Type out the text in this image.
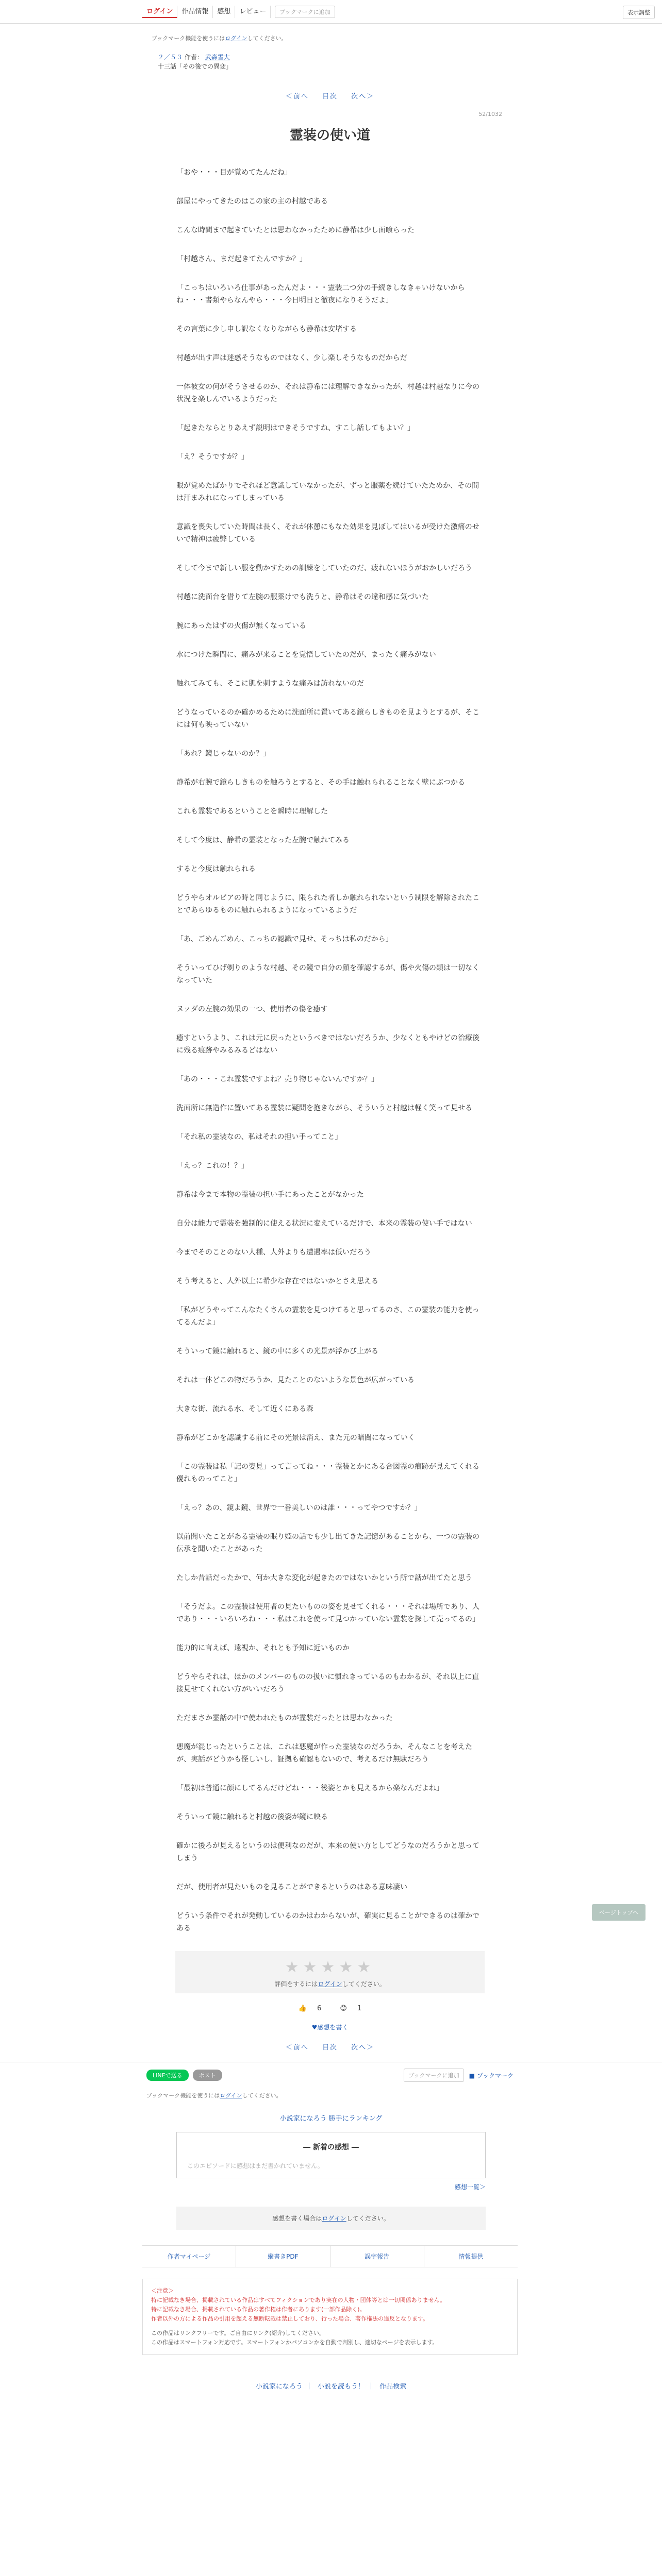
ログイン	作品情報	感想	レビュー	ブックマークに追加	表示調整
ブックマーク機能を使うにはログインしてください。
２／５３ 作者： 武森雪大
十三話「その後での異変」
＜前へ 目次 次へ＞
52/1032
霊装の使い道

「おや・・・目が覚めてたんだね」

部屋にやってきたのはこの家の主の村越である

こんな時間まで起きていたとは思わなかったために静希は少し面喰らった

「村越さん、まだ起きてたんですか？」

「こっちはいろいろ仕事があったんだよ・・・霊装二つ分の手続きしなきゃいけないからね・・・書類やらなんやら・・・今日明日と徹夜になりそうだよ」

その言葉に少し申し訳なくなりながらも静希は安堵する

村越が出す声は迷惑そうなものではなく、少し楽しそうなものだからだ

一体彼女の何がそうさせるのか、それは静希には理解できなかったが、村越は村越なりに今の状況を楽しんでいるようだった

「起きたならとりあえず説明はできそうですね、すこし話してもよい？」

「え？そうですが？」

眼が覚めたばかりでそれほど意識していなかったが、ずっと服薬を続けていたためか、その間は汗まみれになってしまっている

意識を喪失していた時間は長く、それが休憩にもなた効果を見ぼしてはいるが受けた激痛のせいで精神は疲弊している

そして今まで新しい服を動かすための訓練をしていたのだ、疲れないほうがおかしいだろう

村越に洗面台を借りて左腕の服薬けでも洗うと、静希はその違和感に気づいた

腕にあったはずの火傷が無くなっている

水につけた瞬間に、痛みが来ることを覚悟していたのだが、まったく痛みがない

触れてみても、そこに肌を刺すような痛みは訪れないのだ

どうなっているのか確かめるために洗面所に置いてある鏡らしきものを見ようとするが、そこには何も映っていない

「あれ？鏡じゃないのか？」

静希が右腕で鏡らしきものを触ろうとすると、その手は触れられることなく壁にぶつかる

これも霊装であるということを瞬時に理解した

そして今度は、静希の霊装となった左腕で触れてみる

すると今度は触れられる

どうやらオルビアの時と同じように、限られた者しか触れられないという制限を解除されたことであらゆるものに触れられるようになっているようだ

「あ、ごめんごめん、こっちの認識で見せ、そっちは私のだから」

そういってひげ剃りのような村越、その鏡で自分の顔を確認するが、傷や火傷の類は一切なくなっていた

ヌァダの左腕の効果の一つ、使用者の傷を癒す

癒すというより、これは元に戻ったというべきではないだろうか、少なくともやけどの治療後に残る痕跡やみるみるどはない

「あの・・・これ霊装ですよね？売り物じゃないんですか？」

洗面所に無造作に置いてある霊装に疑問を抱きながら、そういうと村越は軽く笑って見せる

「それ私の霊装なの、私はそれの担い手ってこと」

「えっ？これの！？」

静希は今まで本物の霊装の担い手にあったことがなかった

自分は能力で霊装を強制的に使える状況に変えているだけで、本来の霊装の使い手ではない

今までそのことのない人種、人外よりも遭遇率は低いだろう

そう考えると、人外以上に希少な存在ではないかとさえ思える

「私がどうやってこんなたくさんの霊装を見つけてると思ってるのさ、この霊装の能力を使ってるんだよ」

そういって鏡に触れると、鏡の中に多くの光景が浮かび上がる

それは一体どこの物だろうか、見たことのないような景色が広がっている

大きな街、流れる水、そして近くにある森

静希がどこかを認識する前にその光景は消え、また元の暗闇になっていく

「この霊装は私「記の姿見」って言ってね・・・霊装とかにある合図霊の痕跡が見えてくれる優れものってこと」

「えっ？あの、鏡よ鏡、世界で一番美しいのは誰・・・ってやつですか？」

以前聞いたことがある霊装の眠り姫の話でも少し出てきた記憶があることから、一つの霊装の伝承を聞いたことがあった

たしか昔話だったかで、何か大きな変化が起きたのではないかという所で話が出てたと思う

「そうだよ。この霊装は使用者の見たいものの姿を見せてくれる・・・それは場所であり、人であり・・・いろいろね・・・私はこれを使って見つかっていない霊装を探して売ってるの」

能力的に言えば、遠視か、それとも予知に近いものか

どうやらそれは、ほかのメンバーのものの扱いに慣れきっているのもわかるが、それ以上に直接見せてくれない方がいいだろう

ただまさか霊話の中で使われたものが霊装だったとは思わなかった

悪魔が混じったということは、これは悪魔が作った霊装なのだろうか、そんなことを考えたが、実話がどうかも怪しいし、証拠も確認もないので、考えるだけ無駄だろう

「最初は普通に顔にしてるんだけどね・・・後姿とかも見えるから楽なんだよね」

そういって鏡に触れると村越の後姿が鏡に映る

確かに後ろが見えるというのは便利なのだが、本来の使い方としてどうなのだろうかと思ってしまう

だが、使用者が見たいものを見ることができるというのはある意味凄い

どういう条件でそれが発動しているのかはわからないが、確実に見ることができるのは確かである

★★★★★
評価をするにはログインしてください。
👍 6	😊 1
♥感想を書く
＜前へ 目次 次へ＞
LINEで送る	ポスト	ブックマークに追加	■ ブックマーク
ブックマーク機能を使うにはログインしてください。
小説家になろう 勝手にランキング
― 新着の感想 ―

このエピソードに感想はまだ書かれていません。

感想一覧＞
感想を書く場合はログインしてください。
作者マイページ	縦書きPDF	誤字報告	情報提供
＜注意＞
特に記載なき場合、掲載されている作品はすべてフィクションであり実在の人物・団体等とは一切関係ありません。
特に記載なき場合、掲載されている作品の著作権は作者にあります(一部作品除く)。
作者以外の方による作品の引用を超える無断転載は禁止しており、行った場合、著作権法の違反となります。
この作品はリンクフリーです。ご自由にリンク(紹介)してください。
この作品はスマートフォン対応です。スマートフォンかパソコンかを自動で判別し、適切なページを表示します。
小説家になろう ｜ 小説を読もう！ ｜ 作品検索
ページトップへ
